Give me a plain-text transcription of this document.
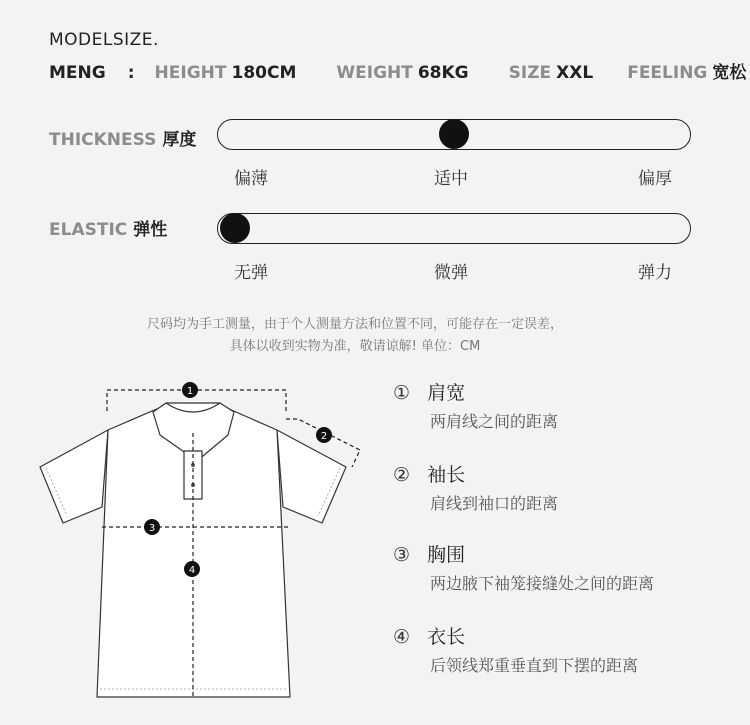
MODELSIZE.
MENG : HEIGHT 180CM WEIGHT 68KG SIZE XXL FEELING 宽松
THICKNESS 厚度
偏薄	适中	偏厚
ELASTIC 弹性
无弹	微弹	弹力
尺码均为手工测量，由于个人测量方法和位置不同，可能存在一定误差，
具体以收到实物为准，敬请谅解! 单位：CM
1
2
3
4
① 肩宽
两肩线之间的距离
② 袖长
肩线到袖口的距离
③ 胸围
两边腋下袖笼接缝处之间的距离
④ 衣长
后领线郑重垂直到下摆的距离
